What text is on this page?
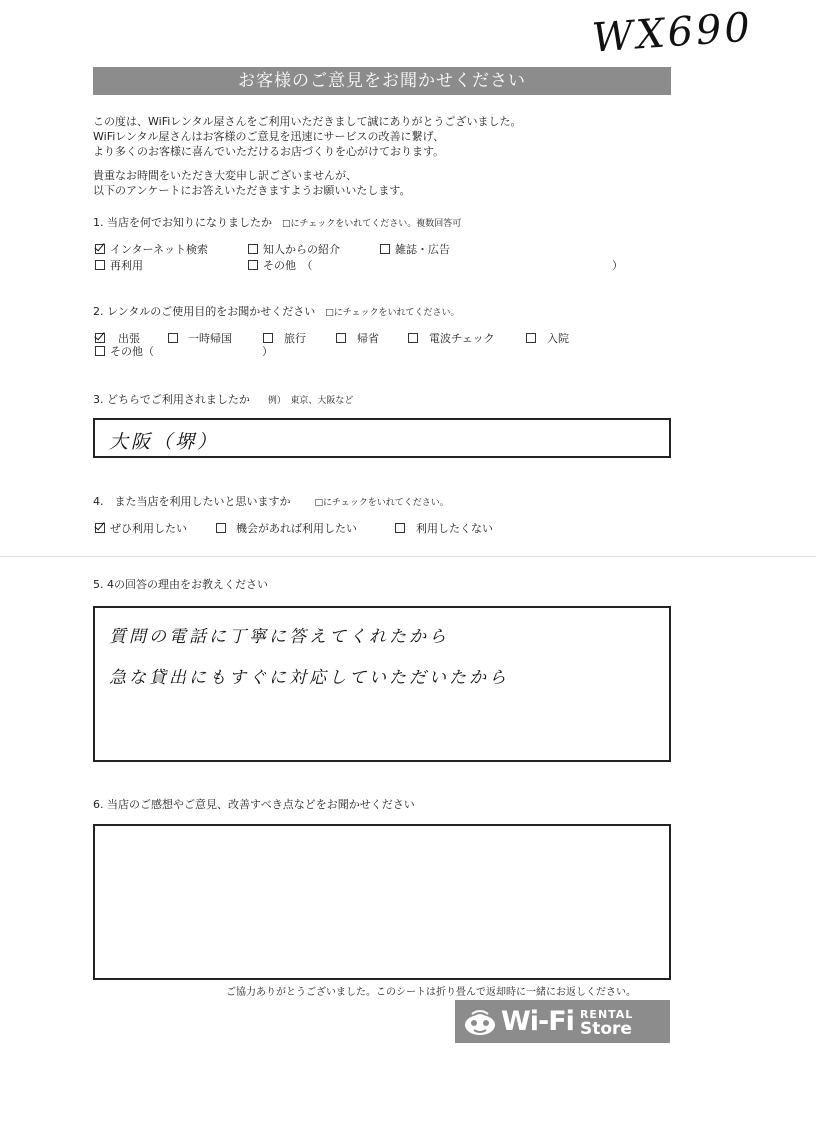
WX690
お客様のご意見をお聞かせください
この度は、WiFiレンタル屋さんをご利用いただきまして誠にありがとうございました。
WiFiレンタル屋さんはお客様のご意見を迅速にサービスの改善に繋げ、
より多くのお客様に喜んでいただけるお店づくりを心がけております。
貴重なお時間をいただき大変申し訳ございませんが、
以下のアンケートにお答えいただきますようお願いいたします。
1. 当店を何でお知りになりましたか □にチェックをいれてください。複数回答可
インターネット検索	知人からの紹介	雑誌・広告
再利用	その他　（	）
2. レンタルのご使用目的をお聞かせください □にチェックをいれてください。
出張	一時帰国	旅行	帰省	電波チェック	入院
その他（	）
3. どちらでご利用されましたか 例）　東京、大阪など
大阪（堺）
4.　また当店を利用したいと思いますか	□にチェックをいれてください。
ぜひ利用したい	機会があれば利用したい	利用したくない
5. 4の回答の理由をお教えください
質問の電話に丁寧に答えてくれたから
急な貸出にもすぐに対応していただいたから
6. 当店のご感想やご意見、改善すべき点などをお聞かせください
ご協力ありがとうございました。このシートは折り畳んで返却時に一緒にお返しください。
Wi-Fi RENTAL
Store
